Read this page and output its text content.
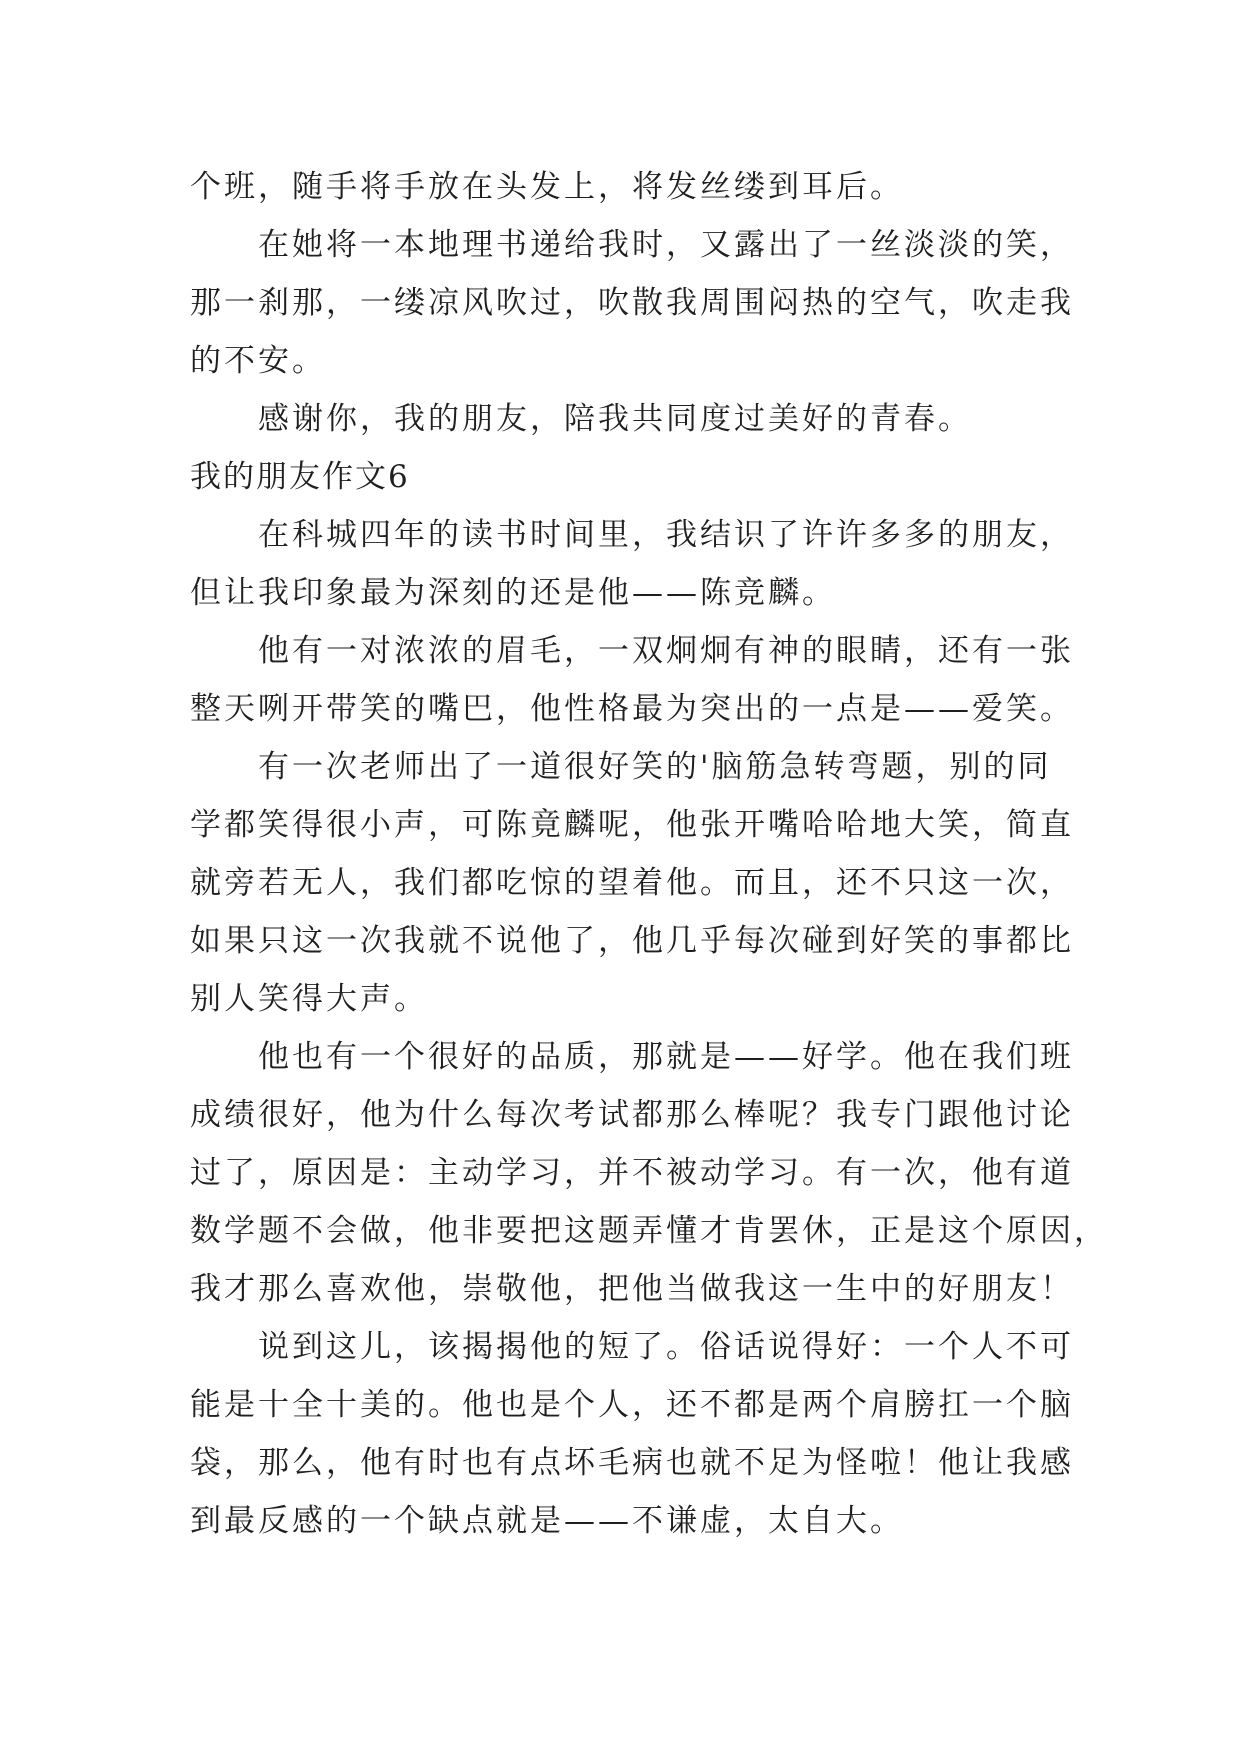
个班，随手将手放在头发上，将发丝缕到耳后。
在她将一本地理书递给我时，又露出了一丝淡淡的笑，
那一刹那，一缕凉风吹过，吹散我周围闷热的空气，吹走我
的不安。
感谢你，我的朋友，陪我共同度过美好的青春。
我的朋友作文6
在科城四年的读书时间里，我结识了许许多多的朋友，
但让我印象最为深刻的还是他——陈竞麟。
他有一对浓浓的眉毛，一双炯炯有神的眼睛，还有一张
整天咧开带笑的嘴巴，他性格最为突出的一点是——爱笑。
有一次老师出了一道很好笑的'脑筋急转弯题，别的同
学都笑得很小声，可陈竟麟呢，他张开嘴哈哈地大笑，简直
就旁若无人，我们都吃惊的望着他。而且，还不只这一次，
如果只这一次我就不说他了，他几乎每次碰到好笑的事都比
别人笑得大声。
他也有一个很好的品质，那就是——好学。他在我们班
成绩很好，他为什么每次考试都那么棒呢？我专门跟他讨论
过了，原因是：主动学习，并不被动学习。有一次，他有道
数学题不会做，他非要把这题弄懂才肯罢休，正是这个原因，
我才那么喜欢他，崇敬他，把他当做我这一生中的好朋友！
说到这儿，该揭揭他的短了。俗话说得好：一个人不可
能是十全十美的。他也是个人，还不都是两个肩膀扛一个脑
袋，那么，他有时也有点坏毛病也就不足为怪啦！他让我感
到最反感的一个缺点就是——不谦虚，太自大。
